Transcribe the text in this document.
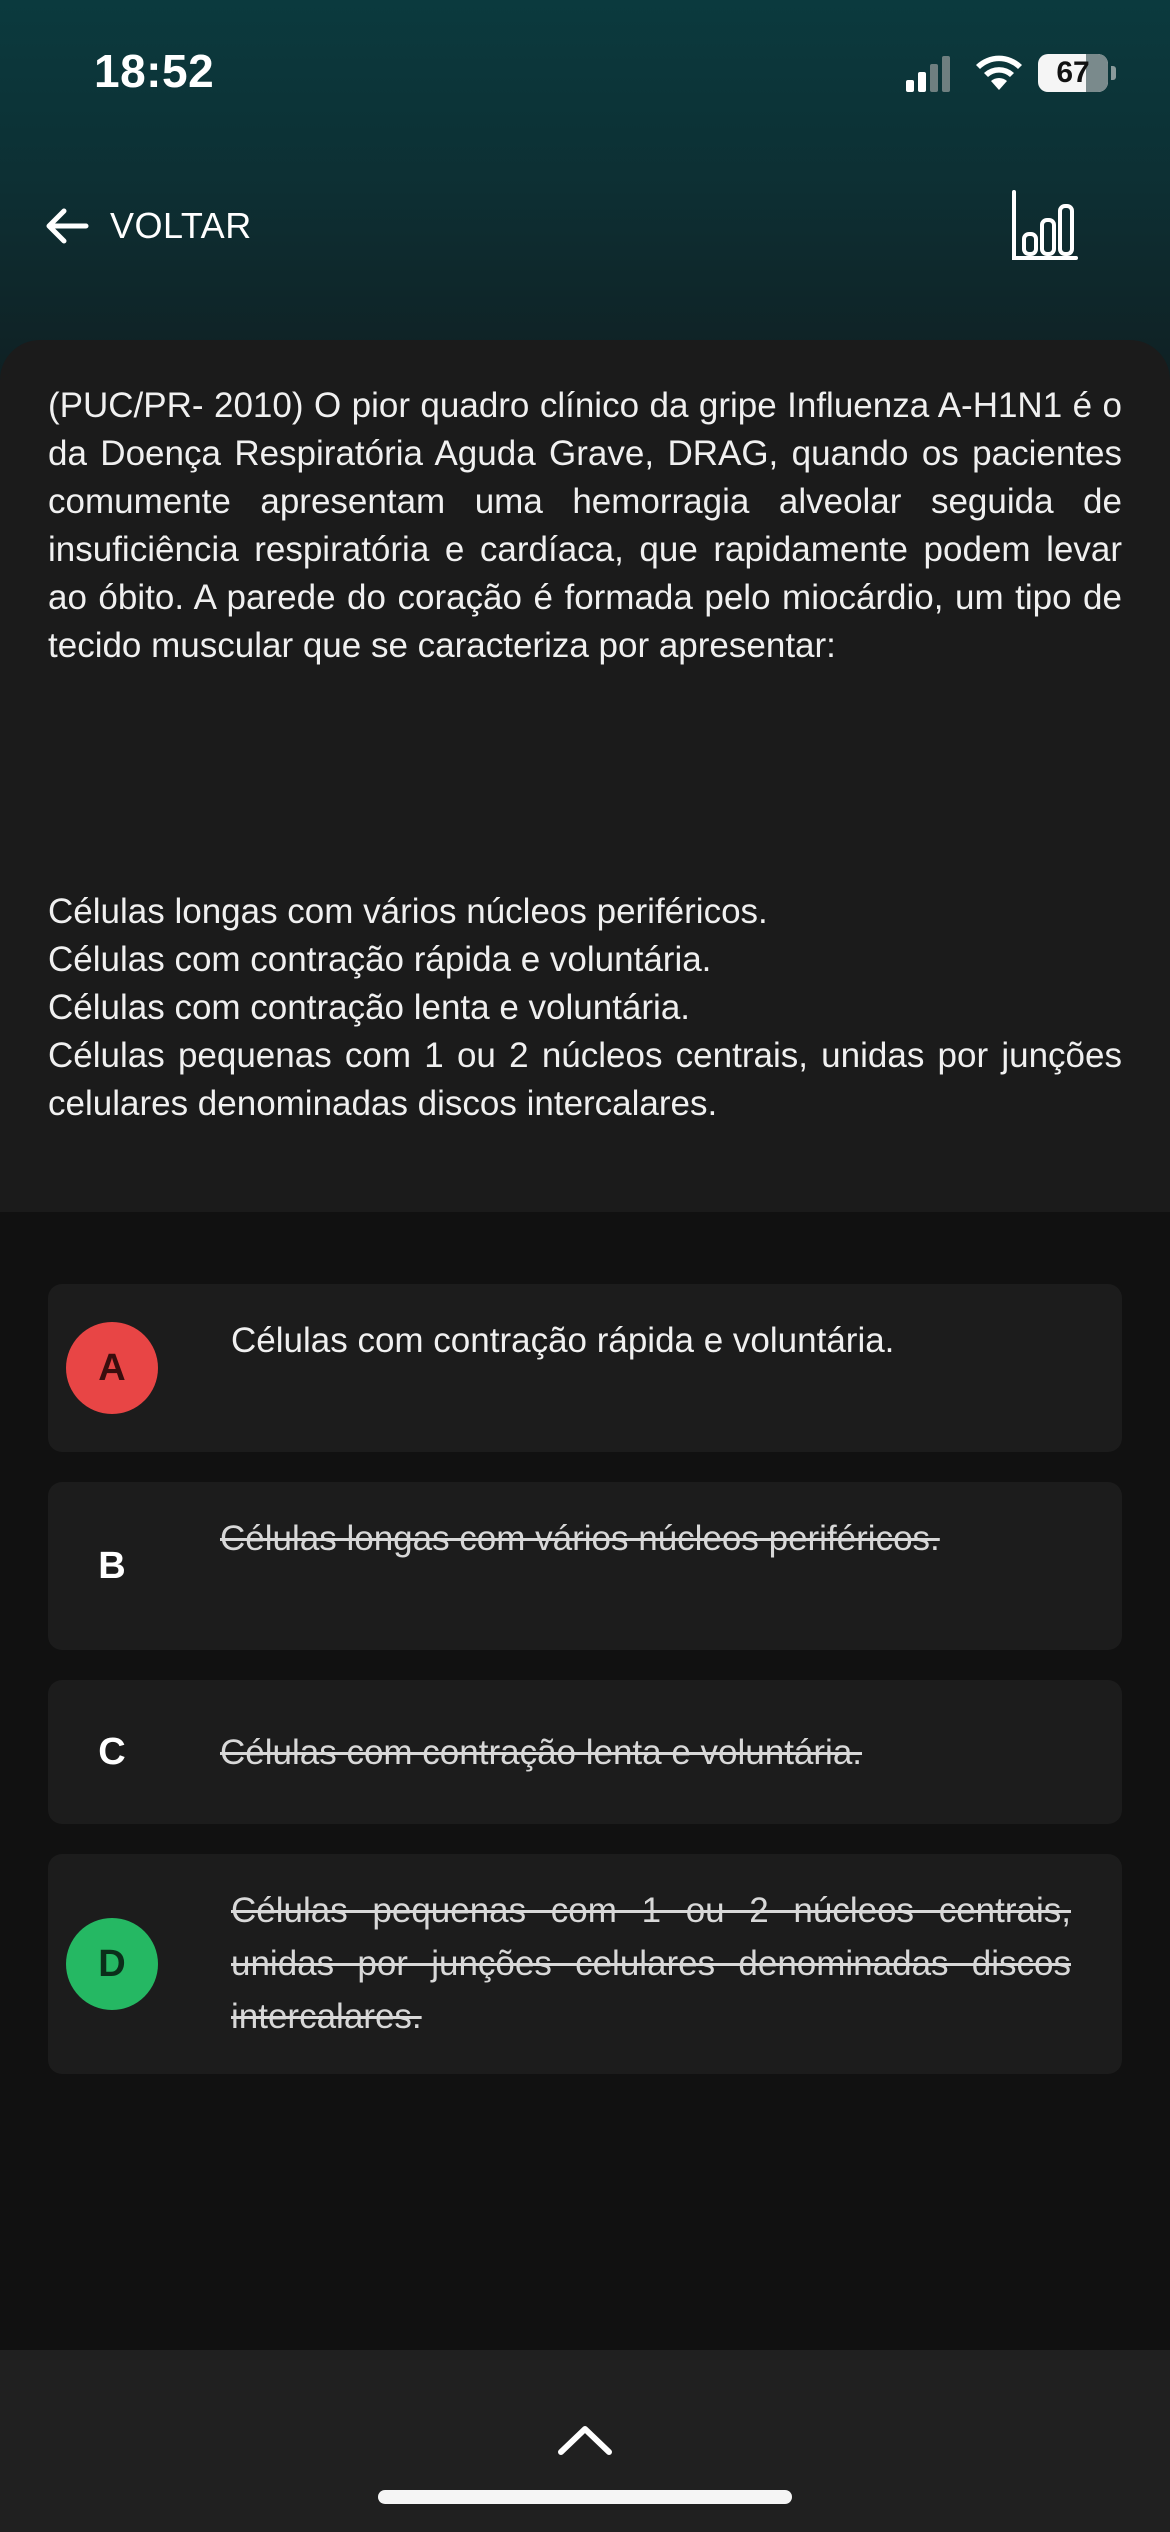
18:52	67
VOLTAR
(PUC/PR- 2010) O pior quadro clínico da gripe Influenza A-H1N1 é o da Doença Respiratória Aguda Grave, DRAG, quando os pacientes comumente apresentam uma hemorragia alveolar seguida de insuficiência respiratória e cardíaca, que rapidamente podem levar ao óbito. A parede do coração é formada pelo miocárdio, um tipo de tecido muscular que se caracteriza por apresentar:
Células longas com vários núcleos periféricos.
Células com contração rápida e voluntária.
Células com contração lenta e voluntária.
Células pequenas com 1 ou 2 núcleos centrais, unidas por junções celulares denominadas discos intercalares.
A
Células com contração rápida e voluntária.
B
Células longas com vários núcleos periféricos.
C	Células com contração lenta e voluntária.
D
Células pequenas com 1 ou 2 núcleos centrais, unidas por junções celulares denominadas discos intercalares.
